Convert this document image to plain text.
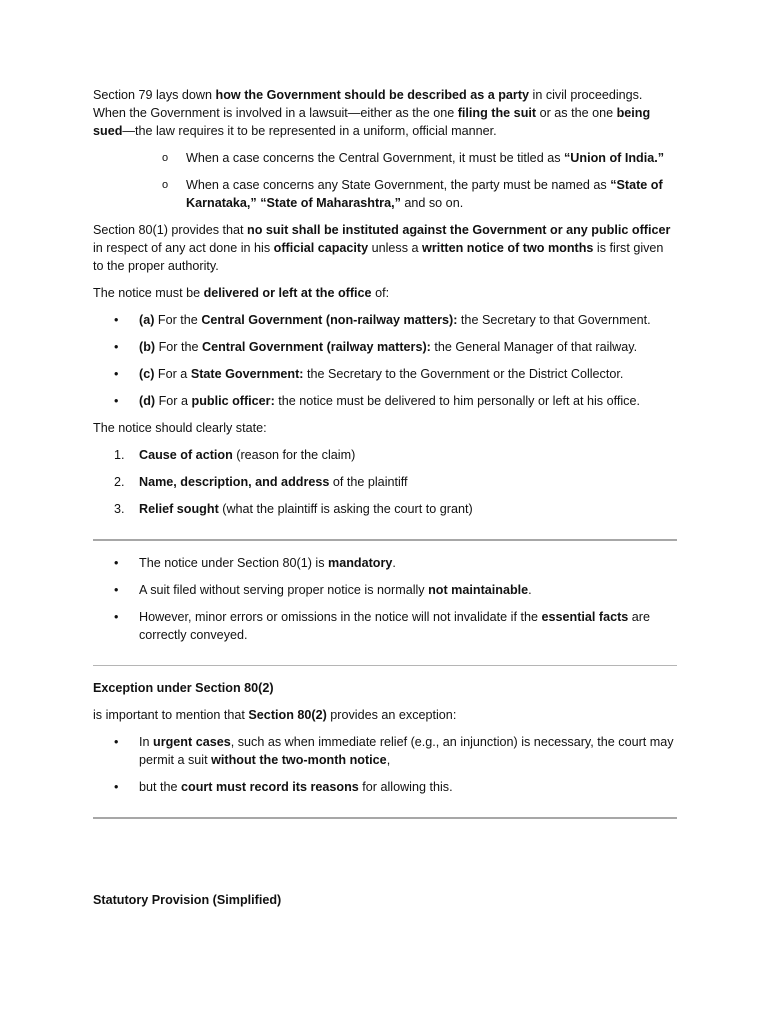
Section 79 lays down how the Government should be described as a party in civil proceedings. When the Government is involved in a lawsuit—either as the one filing the suit or as the one being sued—the law requires it to be represented in a uniform, official manner.

o When a case concerns the Central Government, it must be titled as “Union of India.”
o When a case concerns any State Government, the party must be named as “State of Karnataka,” “State of Maharashtra,” and so on.

Section 80(1) provides that no suit shall be instituted against the Government or any public officer in respect of any act done in his official capacity unless a written notice of two months is first given to the proper authority.

The notice must be delivered or left at the office of:

• (a) For the Central Government (non-railway matters): the Secretary to that Government.
• (b) For the Central Government (railway matters): the General Manager of that railway.
• (c) For a State Government: the Secretary to the Government or the District Collector.
• (d) For a public officer: the notice must be delivered to him personally or left at his office.

The notice should clearly state:

1. Cause of action (reason for the claim)
2. Name, description, and address of the plaintiff
3. Relief sought (what the plaintiff is asking the court to grant)
• The notice under Section 80(1) is mandatory.
• A suit filed without serving proper notice is normally not maintainable.
• However, minor errors or omissions in the notice will not invalidate if the essential facts are correctly conveyed.

Exception under Section 80(2)

is important to mention that Section 80(2) provides an exception:

• In urgent cases, such as when immediate relief (e.g., an injunction) is necessary, the court may permit a suit without the two-month notice,
• but the court must record its reasons for allowing this.

Statutory Provision (Simplified)
